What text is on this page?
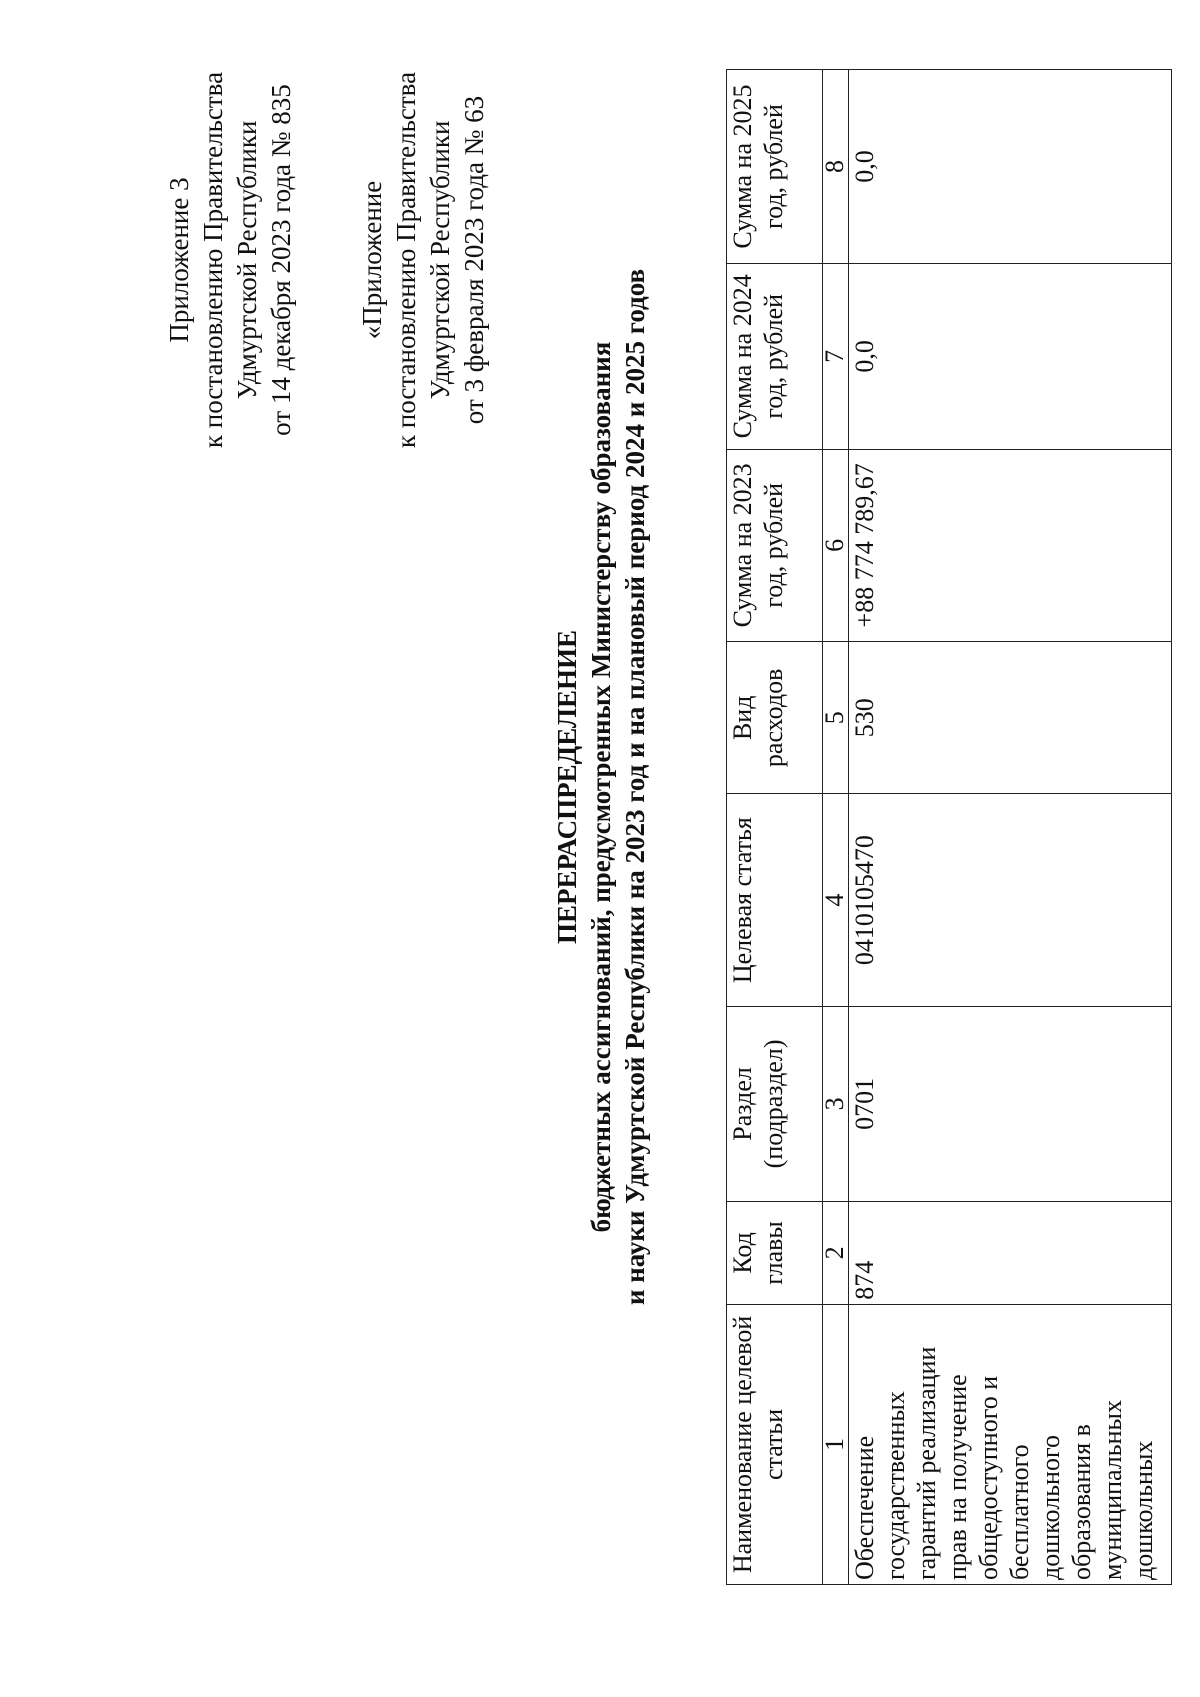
Приложение 3 к постановлению Правительства Удмуртской Республики от 14 декабря 2023 года № 835 «Приложение к постановлению Правительства Удмуртской Республики от 3 февраля 2023 года № 63
ПЕРЕРАСПРЕДЕЛЕНИЕ бюджетных ассигнований, предусмотренных Министерству образования и науки Удмуртской Республики на 2023 год и на плановый период 2024 и 2025 годов
Наименование целевой статьи	Код главы	Раздел (подраздел)	Целевая статья	Вид расходов	Сумма на 2023 год, рублей	Сумма на 2024 год, рублей	Сумма на 2025 год, рублей
1	2	3	4	5	6	7	8
Обеспечение государственных гарантий реализации прав на получение общедоступного и бесплатного дошкольного образования в муниципальных дошкольных	874	0701	0410105470	530	+88 774 789,67	0,0	0,0
